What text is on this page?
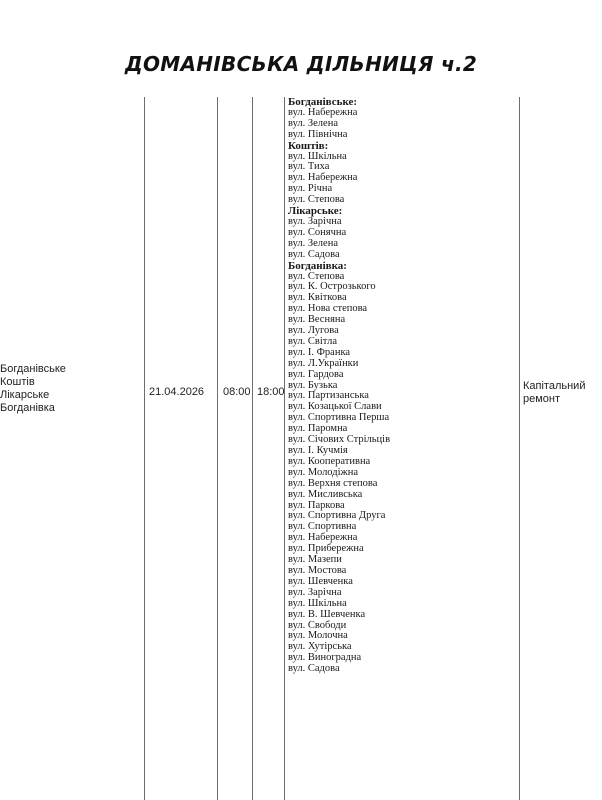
ДОМАНІВСЬКА ДІЛЬНИЦЯ ч.2
Богданівське
Коштів
Лікарське
Богданівка
21.04.2026 08:00 18:00
Богданівське:
вул. Набережна
вул. Зелена
вул. Північна
Коштів:
вул. Шкільна
вул. Тиха
вул. Набережна
вул. Річна
вул. Степова
Лікарське:
вул. Зарічна
вул. Сонячна
вул. Зелена
вул. Садова
Богданівка:
вул. Степова
вул. К. Острозького
вул. Квіткова
вул. Нова степова
вул. Весняна
вул. Лугова
вул. Світла
вул. І. Франка
вул. Л.Українки
вул. Гардова
вул. Бузька
вул. Партизанська
вул. Козацької Слави
вул. Спортивна Перша
вул. Паромна
вул. Січових Стрільців
вул. І. Кучмія
вул. Кооперативна
вул. Молодіжна
вул. Верхня степова
вул. Мисливська
вул. Паркова
вул. Спортивна Друга
вул. Спортивна
вул. Набережна
вул. Прибережна
вул. Мазепи
вул. Мостова
вул. Шевченка
вул. Зарічна
вул. Шкільна
вул. В. Шевченка
вул. Свободи
вул. Молочна
вул. Хутірська
вул. Виноградна
вул. Садова
Капітальний
ремонт
